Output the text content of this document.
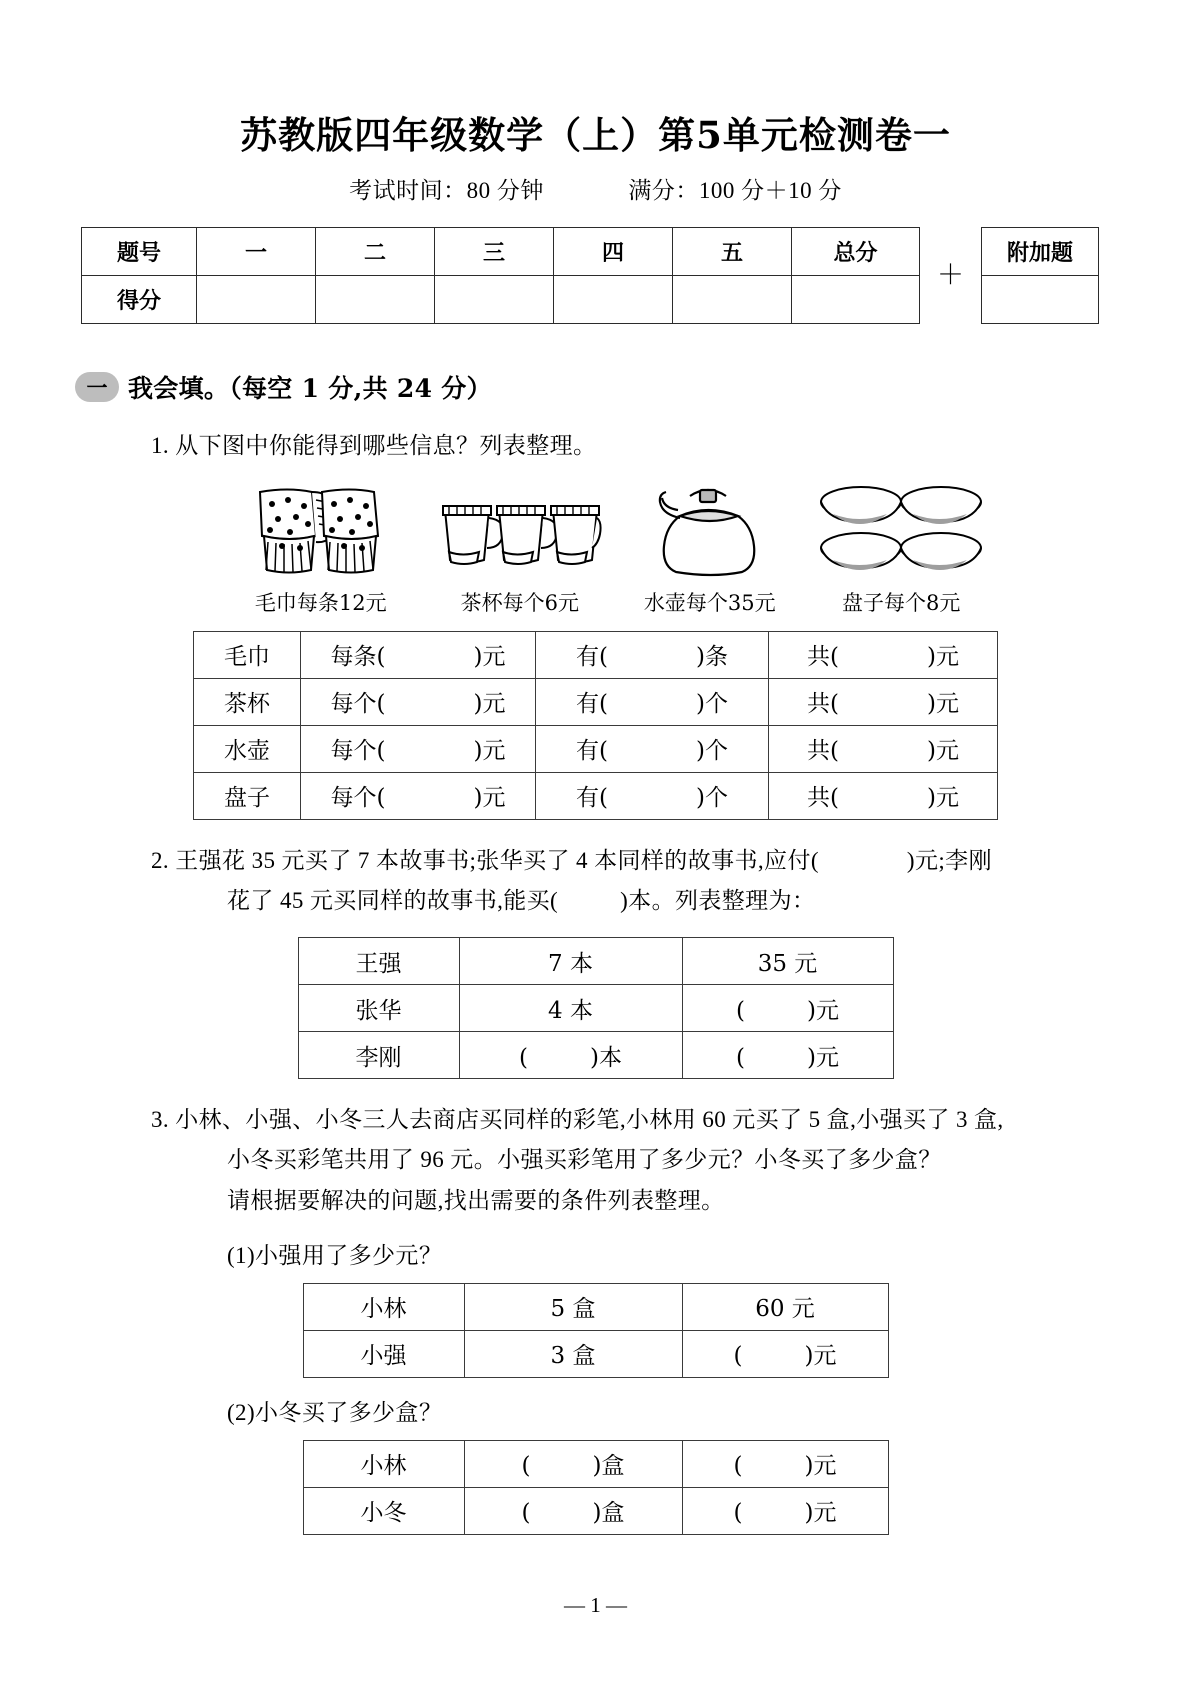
苏教版四年级数学（上）第5单元检测卷一
考试时间：80 分钟	满分：100 分＋10 分
题号	一	二	三	四	五	总分
得分						
＋
附加题

一 我会填。（每空 1 分,共 24 分）
1. 从下图中你能得到哪些信息？列表整理。
毛巾每条12元	茶杯每个6元	水壶每个35元	盘子每个8元
毛巾	每条( )元	有( )条	共( )元
茶杯	每个( )元	有( )个	共( )元
水壶	每个( )元	有( )个	共( )元
盘子	每个( )元	有( )个	共( )元
2. 王强花 35 元买了 7 本故事书;张华买了 4 本同样的故事书,应付(	)元;李刚
花了 45 元买同样的故事书,能买(	)本。列表整理为：
王强	7 本	35 元
张华	4 本	( )元
李刚	( )本	( )元
3. 小林、小强、小冬三人去商店买同样的彩笔,小林用 60 元买了 5 盒,小强买了 3 盒,
小冬买彩笔共用了 96 元。小强买彩笔用了多少元？小冬买了多少盒？
请根据要解决的问题,找出需要的条件列表整理。
(1)小强用了多少元？
小林	5 盒	60 元
小强	3 盒	( )元
(2)小冬买了多少盒？
小林	( )盒	( )元
小冬	( )盒	( )元
— 1 —
